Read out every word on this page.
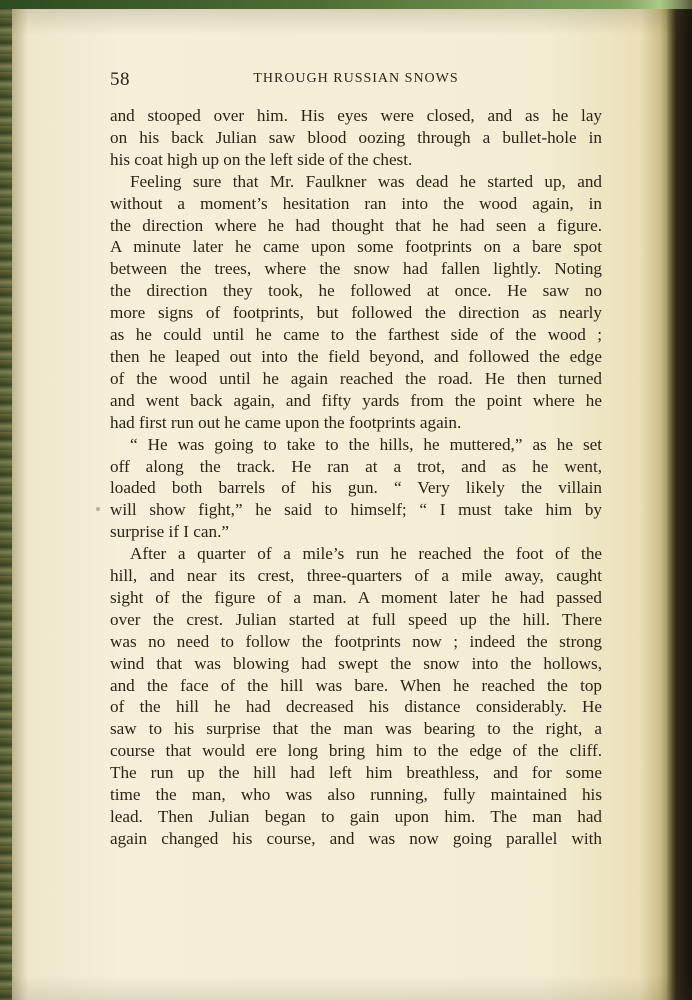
58	THROUGH RUSSIAN SNOWS
and stooped over him. His eyes were closed, and as he lay
on his back Julian saw blood oozing through a bullet-hole in
his coat high up on the left side of the chest.
Feeling sure that Mr. Faulkner was dead he started up, and
without a moment’s hesitation ran into the wood again, in
the direction where he had thought that he had seen a figure.
A minute later he came upon some footprints on a bare spot
between the trees, where the snow had fallen lightly. Noting
the direction they took, he followed at once. He saw no
more signs of footprints, but followed the direction as nearly
as he could until he came to the farthest side of the wood ;
then he leaped out into the field beyond, and followed the edge
of the wood until he again reached the road. He then turned
and went back again, and fifty yards from the point where he
had first run out he came upon the footprints again.
“ He was going to take to the hills, he muttered,” as he set
off along the track. He ran at a trot, and as he went,
loaded both barrels of his gun. “ Very likely the villain
will show fight,” he said to himself; “ I must take him by
surprise if I can.”
After a quarter of a mile’s run he reached the foot of the
hill, and near its crest, three-quarters of a mile away, caught
sight of the figure of a man. A moment later he had passed
over the crest. Julian started at full speed up the hill. There
was no need to follow the footprints now ; indeed the strong
wind that was blowing had swept the snow into the hollows,
and the face of the hill was bare. When he reached the top
of the hill he had decreased his distance considerably. He
saw to his surprise that the man was bearing to the right, a
course that would ere long bring him to the edge of the cliff.
The run up the hill had left him breathless, and for some
time the man, who was also running, fully maintained his
lead. Then Julian began to gain upon him. The man had
again changed his course, and was now going parallel with
